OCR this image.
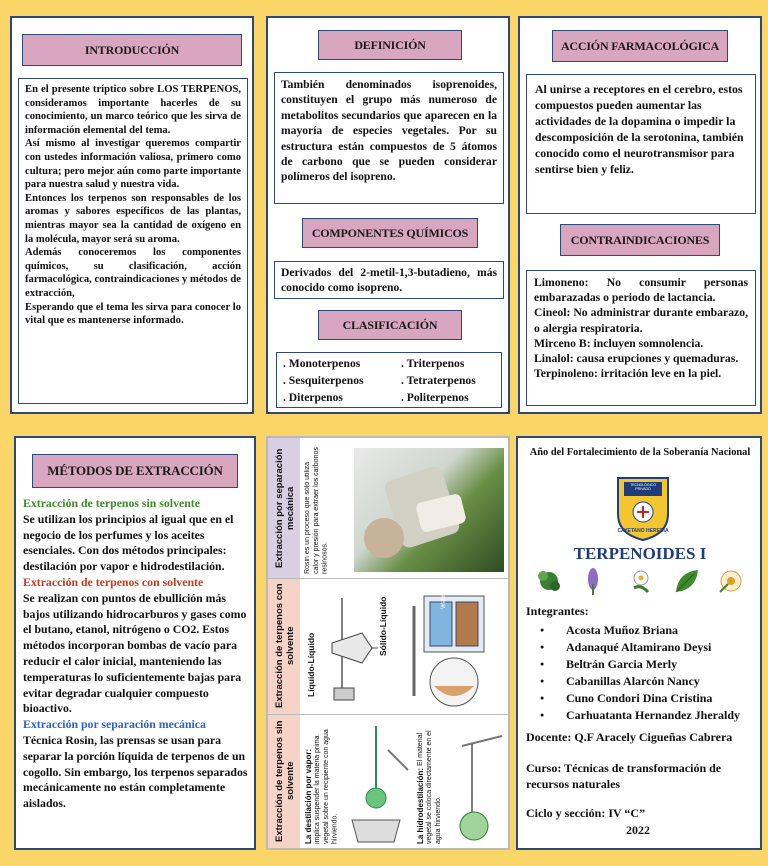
INTRODUCCIÓN

En el presente tríptico sobre LOS TERPENOS, consideramos importante hacerles de su conocimiento, un marco teórico que les sirva de información elemental del tema.

Así mismo al investigar queremos compartir con ustedes información valiosa, primero como cultura; pero mejor aún como parte importante para nuestra salud y nuestra vida.

Entonces los terpenos son responsables de los aromas y sabores específicos de las plantas, mientras mayor sea la cantidad de oxígeno en la molécula, mayor será su aroma.

Además conoceremos los componentes químicos, su clasificación, acción farmacológica, contraindicaciones y métodos de extracción,

Esperando que el tema les sirva para conocer lo vital que es mantenerse informado.

DEFINICIÓN
También denominados isoprenoides, constituyen el grupo más numeroso de metabolitos secundarios que aparecen en la mayoría de especies vegetales. Por su estructura están compuestos de 5 átomos de carbono que se pueden considerar polímeros del isopreno.
COMPONENTES QUÍMICOS
Derivados del 2-metil-1,3-butadieno, más conocido como isopreno.
CLASIFICACIÓN
. Monoterpenos
. Sesquiterpenos
. Diterpenos
. Triterpenos
. Tetraterpenos
. Politerpenos
ACCIÓN FARMACOLÓGICA
Al unirse a receptores en el cerebro, estos compuestos pueden aumentar las actividades de la dopamina o impedir la descomposición de la serotonina, también conocido como el neurotransmisor para sentirse bien y feliz.
CONTRAINDICACIONES

Limoneno: No consumir personas embarazadas o periodo de lactancia.

Cineol: No administrar durante embarazo, o alergia respiratoria.

Mirceno B: incluyen somnolencia.

Linalol: causa erupciones y quemaduras.

Terpinoleno: irritación leve en la piel.

MÉTODOS DE EXTRACCIÓN
Extracción de terpenos sin solvente
Se utilizan los principios al igual que en el negocio de los perfumes y los aceites esenciales. Con dos métodos principales: destilación por vapor e hidrodestilación.
Extracción de terpenos con solvente
Se realizan con puntos de ebullición más bajos utilizando hidrocarburos y gases como el butano, etanol, nitrógeno o CO2. Estos métodos incorporan bombas de vacío para reducir el calor inicial, manteniendo las temperaturas lo suficientemente bajas para evitar degradar cualquier compuesto bioactivo.
Extracción por separación mecánica
Técnica Rosin, las prensas se usan para separar la porción líquida de terpenos de un cogollo. Sin embargo, los terpenos separados mecánicamente no están completamente aislados.
Extracción por separación mecánica Rosin es un proceso que sólo utiliza calor y presión para extraer los carbonos resinosos.
Extracción de terpenos con solvente Líquido-Líquido
Sólido-Líquido	Water
Extracción de terpenos sin solvente La destilación por vapor: implica suspender la materia prima vegetal sobre un recipiente con agua hirviendo.	La hidrodestilación: El material vegetal se coloca directamente en el agua hirviendo.
Año del Fortalecimiento de la Soberanía Nacional
TECNOLÓGICO PRIVADO
CAYETANO HEREDIA
TERPENOIDES I
Integrantes:
● Acosta Muñoz Briana
● Adanaqué Altamirano Deysi
● Beltrán Garcia Merly
● Cabanillas Alarcón Nancy
● Cuno Condori Dina Cristina
● Carhuatanta Hernandez Jheraldy
Docente: Q.F Aracely Cigueñas Cabrera
Curso: Técnicas de transformación de recursos naturales
Ciclo y sección: IV “C”
2022
